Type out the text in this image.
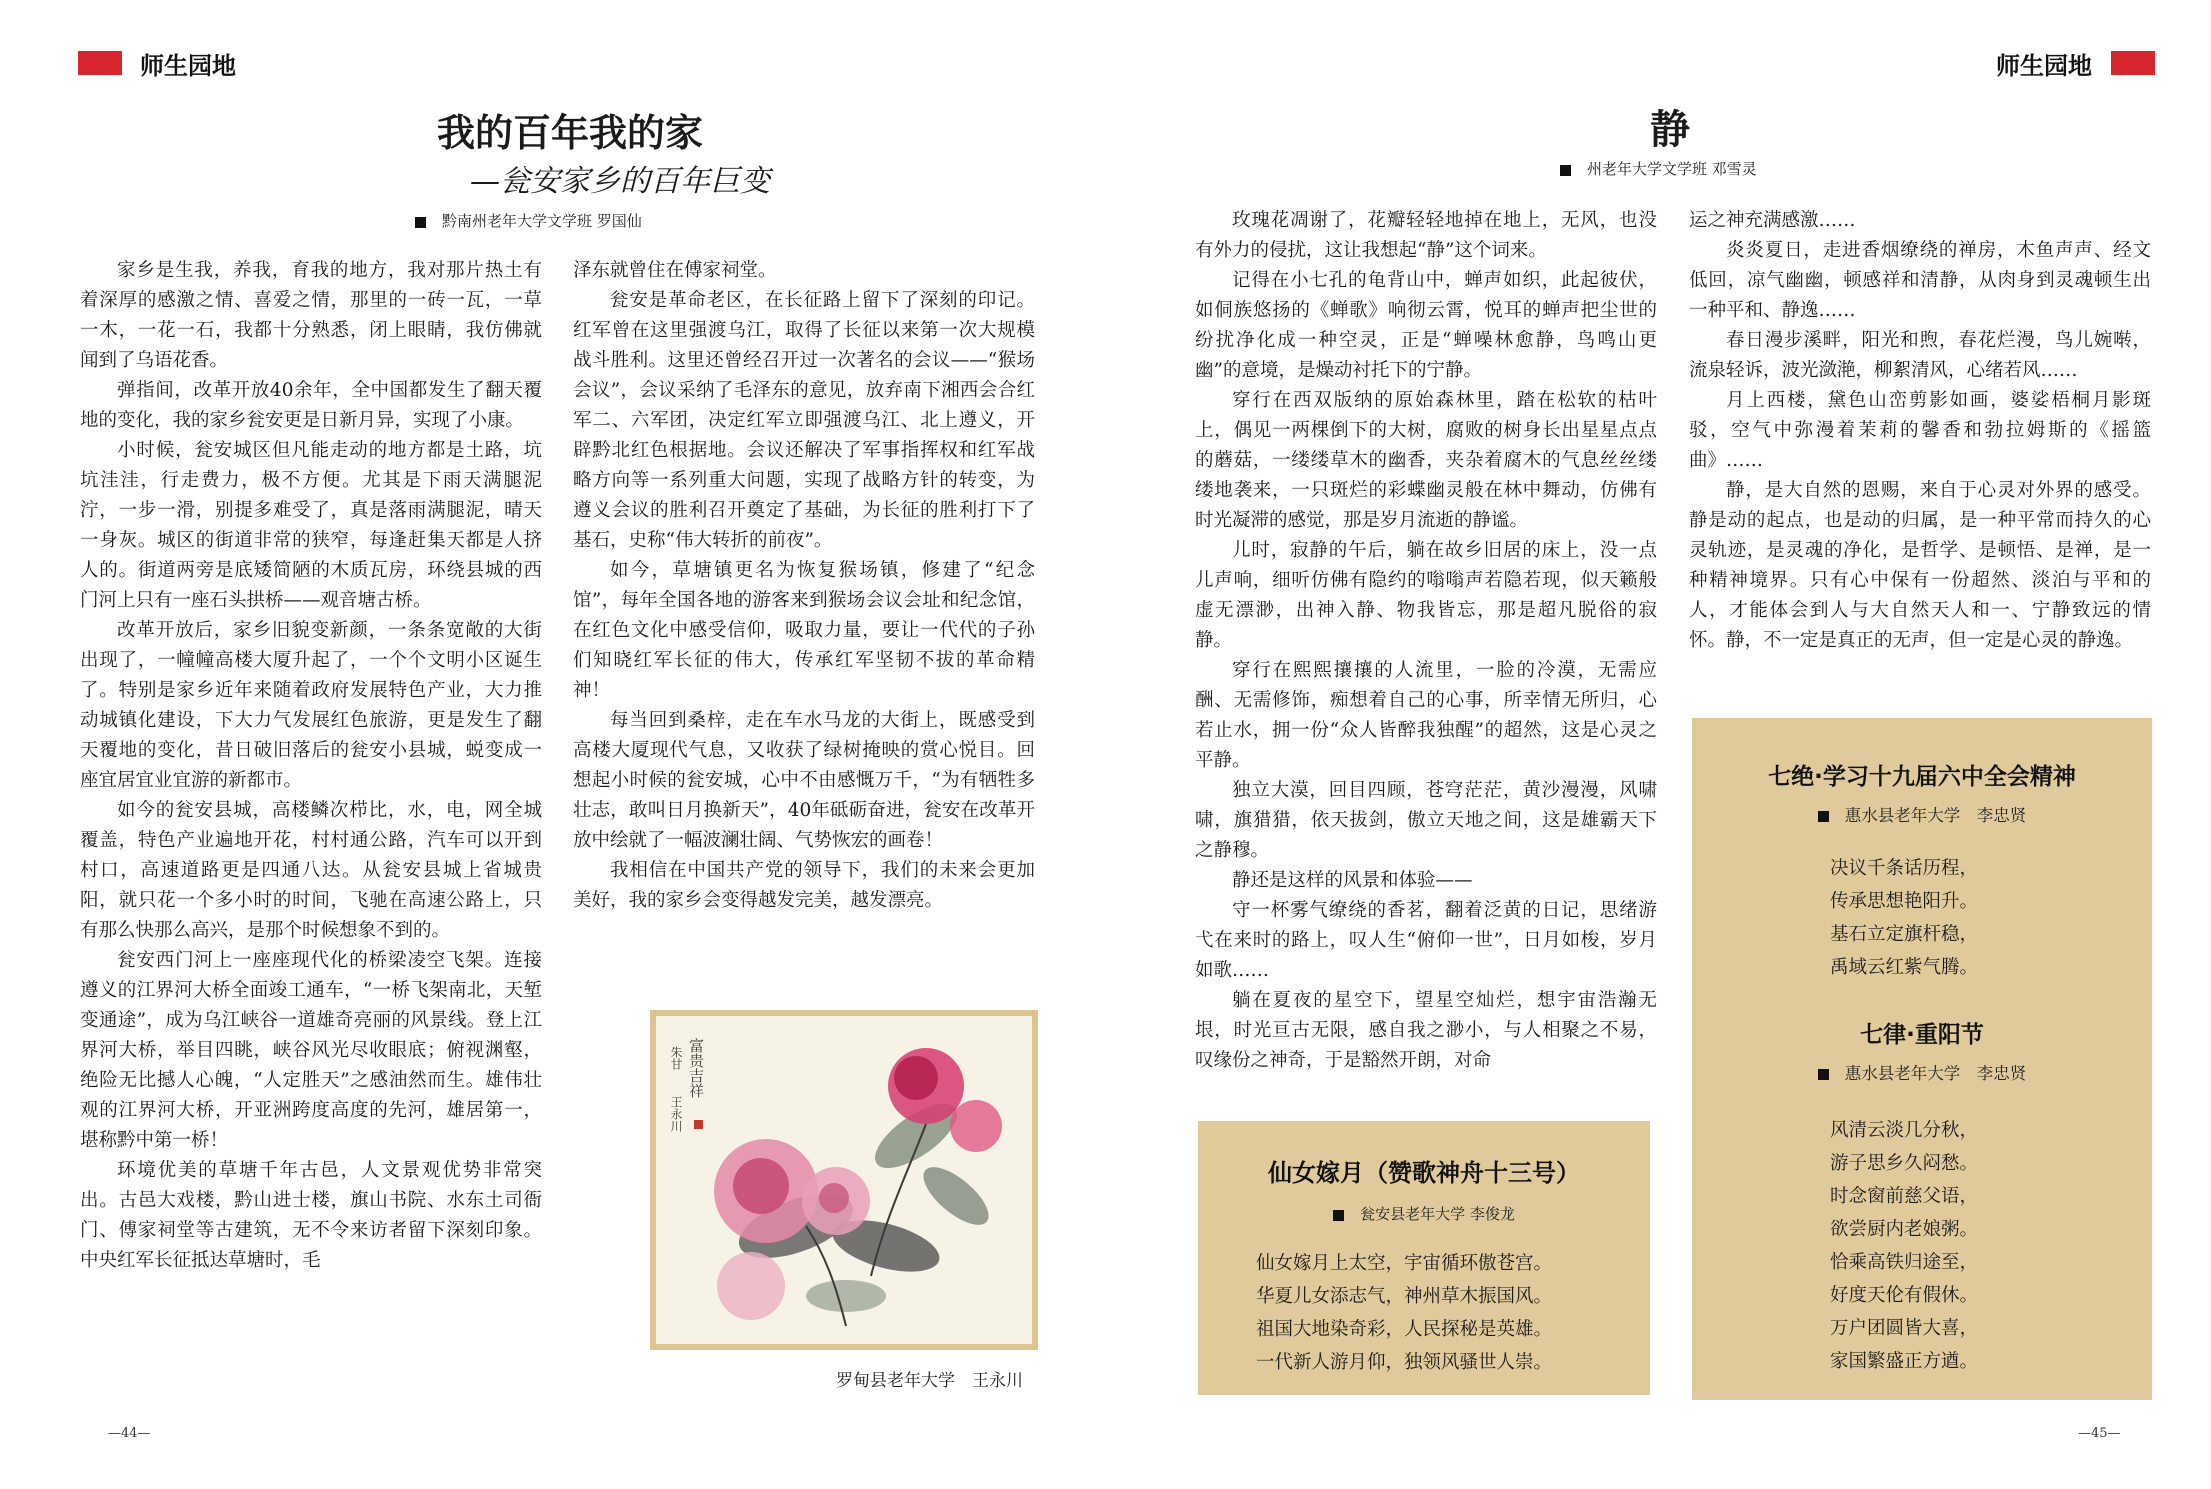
师生园地
我的百年我的家
—瓮安家乡的百年巨变
黔南州老年大学文学班 罗国仙

家乡是生我，养我，育我的地方，我对那片热土有着深厚的感激之情、喜爱之情，那里的一砖一瓦，一草一木，一花一石，我都十分熟悉，闭上眼睛，我仿佛就闻到了乌语花香。

弹指间，改革开放40余年，全中国都发生了翻天覆地的变化，我的家乡瓮安更是日新月异，实现了小康。

小时候，瓮安城区但凡能走动的地方都是土路，坑坑洼洼，行走费力，极不方便。尤其是下雨天满腿泥泞，一步一滑，别提多难受了，真是落雨满腿泥，晴天一身灰。城区的街道非常的狭窄，每逢赶集天都是人挤人的。街道两旁是底矮简陋的木质瓦房，环绕县城的西门河上只有一座石头拱桥——观音塘古桥。

改革开放后，家乡旧貌变新颜，一条条宽敞的大街出现了，一幢幢高楼大厦升起了，一个个文明小区诞生了。特别是家乡近年来随着政府发展特色产业，大力推动城镇化建设，下大力气发展红色旅游，更是发生了翻天覆地的变化，昔日破旧落后的瓮安小县城，蜕变成一座宜居宜业宜游的新都市。

如今的瓮安县城，高楼鳞次栉比，水，电，网全城覆盖，特色产业遍地开花，村村通公路，汽车可以开到村口，高速道路更是四通八达。从瓮安县城上省城贵阳，就只花一个多小时的时间，飞驰在高速公路上，只有那么快那么高兴，是那个时候想象不到的。

瓮安西门河上一座座现代化的桥梁凌空飞架。连接遵义的江界河大桥全面竣工通车，“一桥飞架南北，天堑变通途”，成为乌江峡谷一道雄奇亮丽的风景线。登上江界河大桥，举目四眺，峡谷风光尽收眼底；俯视渊壑，绝险无比撼人心魄，“人定胜天”之感油然而生。雄伟壮观的江界河大桥，开亚洲跨度高度的先河，雄居第一，堪称黔中第一桥！

环境优美的草塘千年古邑，人文景观优势非常突出。古邑大戏楼，黔山进士楼，旗山书院、水东土司衙门、傅家祠堂等古建筑，无不令来访者留下深刻印象。中央红军长征抵达草塘时，毛

泽东就曾住在傅家祠堂。

瓮安是革命老区，在长征路上留下了深刻的印记。红军曾在这里强渡乌江，取得了长征以来第一次大规模战斗胜利。这里还曾经召开过一次著名的会议——“猴场会议”，会议采纳了毛泽东的意见，放弃南下湘西会合红军二、六军团，决定红军立即强渡乌江、北上遵义，开辟黔北红色根据地。会议还解决了军事指挥权和红军战略方向等一系列重大问题，实现了战略方针的转变，为遵义会议的胜利召开奠定了基础，为长征的胜利打下了基石，史称“伟大转折的前夜”。

如今，草塘镇更名为恢复猴场镇，修建了“纪念馆”，每年全国各地的游客来到猴场会议会址和纪念馆，在红色文化中感受信仰，吸取力量，要让一代代的子孙们知晓红军长征的伟大，传承红军坚韧不拔的革命精神！

每当回到桑梓，走在车水马龙的大街上，既感受到高楼大厦现代气息，又收获了绿树掩映的赏心悦目。回想起小时候的瓮安城，心中不由感慨万千，“为有牺牲多壮志，敢叫日月换新天”，40年砥砺奋进，瓮安在改革开放中绘就了一幅波澜壮阔、气势恢宏的画卷！

我相信在中国共产党的领导下，我们的未来会更加美好，我的家乡会变得越发完美，越发漂亮。

富贵吉祥
朱甘
王永川
罗甸县老年大学　王永川
—44—
师生园地
静
州老年大学文学班 邓雪灵

玫瑰花凋谢了，花瓣轻轻地掉在地上，无风，也没有外力的侵扰，这让我想起“静”这个词来。

记得在小七孔的龟背山中，蝉声如织，此起彼伏，如侗族悠扬的《蝉歌》响彻云霄，悦耳的蝉声把尘世的纷扰净化成一种空灵，正是“蝉噪林愈静，鸟鸣山更幽”的意境，是燥动衬托下的宁静。

穿行在西双版纳的原始森林里，踏在松软的枯叶上，偶见一两棵倒下的大树，腐败的树身长出星星点点的蘑菇，一缕缕草木的幽香，夹杂着腐木的气息丝丝缕缕地袭来，一只斑烂的彩蝶幽灵般在林中舞动，仿佛有时光凝滞的感觉，那是岁月流逝的静谧。

儿时，寂静的午后，躺在故乡旧居的床上，没一点儿声响，细听仿佛有隐约的嗡嗡声若隐若现，似天籁般虚无漂渺，出神入静、物我皆忘，那是超凡脱俗的寂静。

穿行在熙熙攘攘的人流里，一脸的冷漠，无需应酬、无需修饰，痴想着自己的心事，所幸情无所归，心若止水，拥一份“众人皆醉我独醒”的超然，这是心灵之平静。

独立大漠，回目四顾，苍穹茫茫，黄沙漫漫，风啸啸，旗猎猎，依天拔剑，傲立天地之间，这是雄霸天下之静穆。

静还是这样的风景和体验——

守一杯雾气缭绕的香茗，翻着泛黄的日记，思绪游弋在来时的路上，叹人生“俯仰一世”，日月如梭，岁月如歌……

躺在夏夜的星空下，望星空灿烂，想宇宙浩瀚无垠，时光亘古无限，感自我之渺小，与人相聚之不易，叹缘份之神奇，于是豁然开朗，对命

运之神充满感激……

炎炎夏日，走进香烟缭绕的禅房，木鱼声声、经文低回，凉气幽幽，顿感祥和清静，从肉身到灵魂顿生出一种平和、静逸……

春日漫步溪畔，阳光和煦，春花烂漫，鸟儿婉啭，流泉轻诉，波光潋滟，柳絮清风，心绪若风……

月上西楼，黛色山峦剪影如画，婆娑梧桐月影斑驳，空气中弥漫着茉莉的馨香和勃拉姆斯的《摇篮曲》……

静，是大自然的恩赐，来自于心灵对外界的感受。静是动的起点，也是动的归属，是一种平常而持久的心灵轨迹，是灵魂的净化，是哲学、是顿悟、是禅，是一种精神境界。只有心中保有一份超然、淡泊与平和的人，才能体会到人与大自然天人和一、宁静致远的情怀。静，不一定是真正的无声，但一定是心灵的静逸。

仙女嫁月（赞歌神舟十三号）
瓮安县老年大学 李俊龙
仙女嫁月上太空，宇宙循环傲苍宫。
华夏儿女添志气，神州草木振国风。
祖国大地染奇彩，人民探秘是英雄。
一代新人游月仰，独领风骚世人崇。
七绝·学习十九届六中全会精神
惠水县老年大学　李忠贤
决议千条话历程，
传承思想艳阳升。
基石立定旗杆稳，
禹域云红紫气腾。
七律·重阳节
惠水县老年大学　李忠贤
风清云淡几分秋，
游子思乡久闷愁。
时念窗前慈父语，
欲尝厨内老娘粥。
恰乘高铁归途至，
好度天伦有假休。
万户团圆皆大喜，
家国繁盛正方遒。
—45—
